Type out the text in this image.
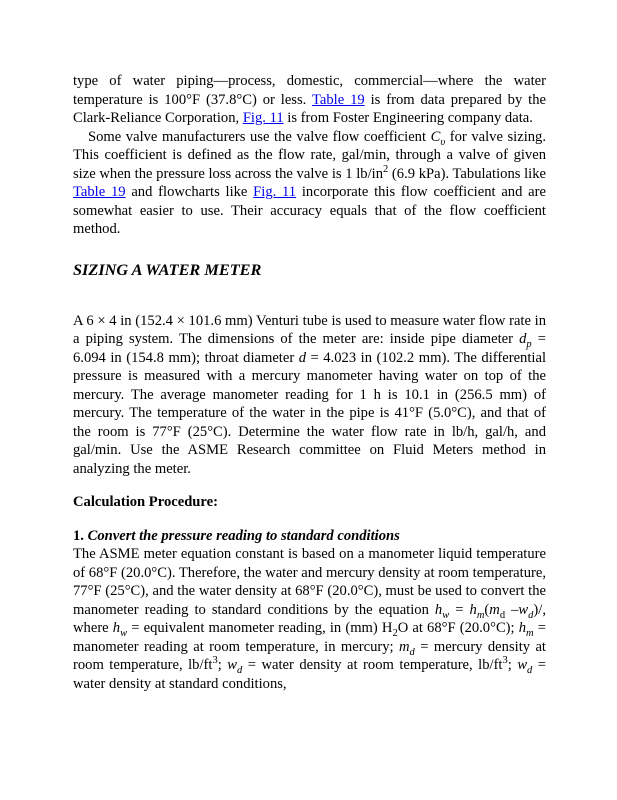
type of water piping—process, domestic, commercial—where the water temperature is 100°F (37.8°C) or less. Table 19 is from data prepared by the Clark-Reliance Corporation, Fig. 11 is from Foster Engineering company data.

Some valve manufacturers use the valve flow coefficient $C_\upsilon$ for valve sizing. This coefficient is defined as the flow rate, gal/min, through a valve of given size when the pressure loss across the valve is 1 $lb/in^2$ (6.9 kPa). Tabulations like Table 19 and flowcharts like Fig. 11 incorporate this flow coefficient and are somewhat easier to use. Their accuracy equals that of the flow coefficient method.

SIZING A WATER METER

A 6 × 4 in (152.4 × 101.6 mm) Venturi tube is used to measure water flow rate in a piping system. The dimensions of the meter are: inside pipe diameter $d_p = 6.094$ in (154.8 mm); throat diameter d = 4.023 in (102.2 mm). The differential pressure is measured with a mercury manometer having water on top of the mercury. The average manometer reading for 1 h is 10.1 in (256.5 mm) of mercury. The temperature of the water in the pipe is 41°F (5.0°C), and that of the room is 77°F (25°C). Determine the water flow rate in lb/h, gal/h, and gal/min. Use the ASME Research committee on Fluid Meters method in analyzing the meter.

Calculation Procedure:
1. Convert the pressure reading to standard conditions

The ASME meter equation constant is based on a manometer liquid temperature of 68°F (20.0°C). Therefore, the water and mercury density at room temperature, 77°F (25°C), and the water density at 68°F (20.0°C), must be used to convert the manometer reading to standard conditions by the equation $h_w = h_m(m_d$ $-w_d)/$, where $h_w$ = equivalent manometer reading, in (mm) $H_2O$ at 68°F (20.0°C); $h_m$ = manometer reading at room temperature, in mercury; $m_d$ = mercury density at room temperature, $lb/ft^3$; $w_d$ = water density at room temperature, $lb/ft^3$; $w_d$ = water density at standard conditions,
